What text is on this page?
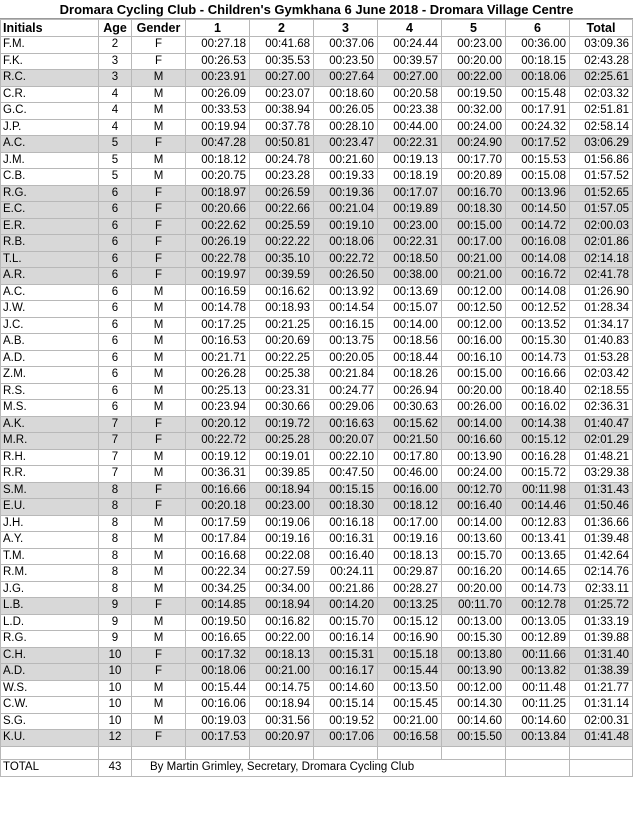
Dromara Cycling Club - Children's Gymkhana 6 June 2018 - Dromara Village Centre
Initials	Age	Gender	1	2	3	4	5	6	Total
F.M.	2	F	00:27.18	00:41.68	00:37.06	00:24.44	00:23.00	00:36.00	03:09.36
F.K.	3	F	00:26.53	00:35.53	00:23.50	00:39.57	00:20.00	00:18.15	02:43.28
R.C.	3	M	00:23.91	00:27.00	00:27.64	00:27.00	00:22.00	00:18.06	02:25.61
C.R.	4	M	00:26.09	00:23.07	00:18.60	00:20.58	00:19.50	00:15.48	02:03.32
G.C.	4	M	00:33.53	00:38.94	00:26.05	00:23.38	00:32.00	00:17.91	02:51.81
J.P.	4	M	00:19.94	00:37.78	00:28.10	00:44.00	00:24.00	00:24.32	02:58.14
A.C.	5	F	00:47.28	00:50.81	00:23.47	00:22.31	00:24.90	00:17.52	03:06.29
J.M.	5	M	00:18.12	00:24.78	00:21.60	00:19.13	00:17.70	00:15.53	01:56.86
C.B.	5	M	00:20.75	00:23.28	00:19.33	00:18.19	00:20.89	00:15.08	01:57.52
R.G.	6	F	00:18.97	00:26.59	00:19.36	00:17.07	00:16.70	00:13.96	01:52.65
E.C.	6	F	00:20.66	00:22.66	00:21.04	00:19.89	00:18.30	00:14.50	01:57.05
E.R.	6	F	00:22.62	00:25.59	00:19.10	00:23.00	00:15.00	00:14.72	02:00.03
R.B.	6	F	00:26.19	00:22.22	00:18.06	00:22.31	00:17.00	00:16.08	02:01.86
T.L.	6	F	00:22.78	00:35.10	00:22.72	00:18.50	00:21.00	00:14.08	02:14.18
A.R.	6	F	00:19.97	00:39.59	00:26.50	00:38.00	00:21.00	00:16.72	02:41.78
A.C.	6	M	00:16.59	00:16.62	00:13.92	00:13.69	00:12.00	00:14.08	01:26.90
J.W.	6	M	00:14.78	00:18.93	00:14.54	00:15.07	00:12.50	00:12.52	01:28.34
J.C.	6	M	00:17.25	00:21.25	00:16.15	00:14.00	00:12.00	00:13.52	01:34.17
A.B.	6	M	00:16.53	00:20.69	00:13.75	00:18.56	00:16.00	00:15.30	01:40.83
A.D.	6	M	00:21.71	00:22.25	00:20.05	00:18.44	00:16.10	00:14.73	01:53.28
Z.M.	6	M	00:26.28	00:25.38	00:21.84	00:18.26	00:15.00	00:16.66	02:03.42
R.S.	6	M	00:25.13	00:23.31	00:24.77	00:26.94	00:20.00	00:18.40	02:18.55
M.S.	6	M	00:23.94	00:30.66	00:29.06	00:30.63	00:26.00	00:16.02	02:36.31
A.K.	7	F	00:20.12	00:19.72	00:16.63	00:15.62	00:14.00	00:14.38	01:40.47
M.R.	7	F	00:22.72	00:25.28	00:20.07	00:21.50	00:16.60	00:15.12	02:01.29
R.H.	7	M	00:19.12	00:19.01	00:22.10	00:17.80	00:13.90	00:16.28	01:48.21
R.R.	7	M	00:36.31	00:39.85	00:47.50	00:46.00	00:24.00	00:15.72	03:29.38
S.M.	8	F	00:16.66	00:18.94	00:15.15	00:16.00	00:12.70	00:11.98	01:31.43
E.U.	8	F	00:20.18	00:23.00	00:18.30	00:18.12	00:16.40	00:14.46	01:50.46
J.H.	8	M	00:17.59	00:19.06	00:16.18	00:17.00	00:14.00	00:12.83	01:36.66
A.Y.	8	M	00:17.84	00:19.16	00:16.31	00:19.16	00:13.60	00:13.41	01:39.48
T.M.	8	M	00:16.68	00:22.08	00:16.40	00:18.13	00:15.70	00:13.65	01:42.64
R.M.	8	M	00:22.34	00:27.59	00:24.11	00:29.87	00:16.20	00:14.65	02:14.76
J.G.	8	M	00:34.25	00:34.00	00:21.86	00:28.27	00:20.00	00:14.73	02:33.11
L.B.	9	F	00:14.85	00:18.94	00:14.20	00:13.25	00:11.70	00:12.78	01:25.72
L.D.	9	M	00:19.50	00:16.82	00:15.70	00:15.12	00:13.00	00:13.05	01:33.19
R.G.	9	M	00:16.65	00:22.00	00:16.14	00:16.90	00:15.30	00:12.89	01:39.88
C.H.	10	F	00:17.32	00:18.13	00:15.31	00:15.18	00:13.80	00:11.66	01:31.40
A.D.	10	F	00:18.06	00:21.00	00:16.17	00:15.44	00:13.90	00:13.82	01:38.39
W.S.	10	M	00:15.44	00:14.75	00:14.60	00:13.50	00:12.00	00:11.48	01:21.77
C.W.	10	M	00:16.06	00:18.94	00:15.14	00:15.45	00:14.30	00:11.25	01:31.14
S.G.	10	M	00:19.03	00:31.56	00:19.52	00:21.00	00:14.60	00:14.60	02:00.31
K.U.	12	F	00:17.53	00:20.97	00:17.06	00:16.58	00:15.50	00:13.84	01:41.48

TOTAL	43	By Martin Grimley, Secretary, Dromara Cycling Club							
